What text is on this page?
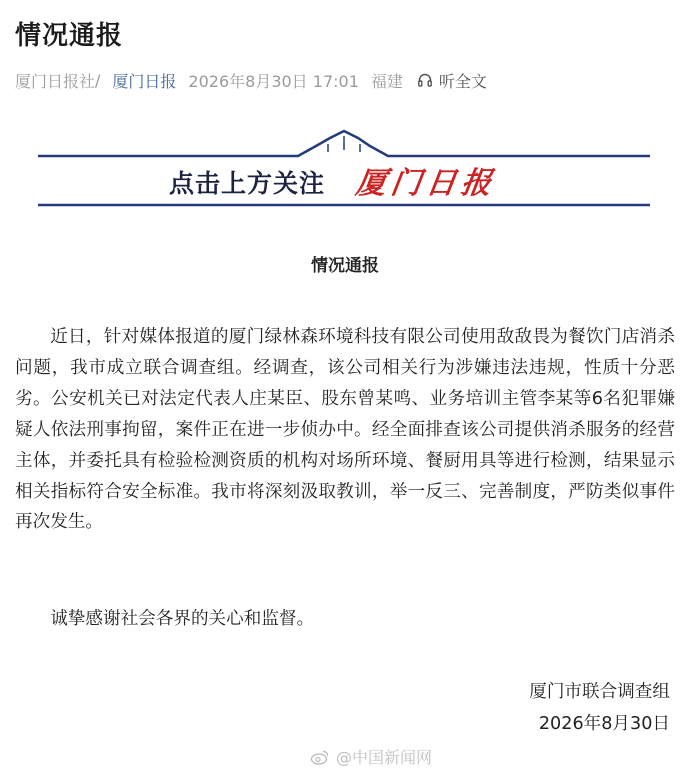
情况通报
厦门日报社 / 厦门日报 2026年8月30日 17:01 福建 听全文
点击上方关注 厦门日报
情况通报

近日，针对媒体报道的厦门绿林森环境科技有限公司使用敌敌畏为餐饮门店消杀问题，我市成立联合调查组。经调查，该公司相关行为涉嫌违法违规，性质十分恶劣。公安机关已对法定代表人庄某臣、股东曾某鸣、业务培训主管李某等6名犯罪嫌疑人依法刑事拘留，案件正在进一步侦办中。经全面排查该公司提供消杀服务的经营主体，并委托具有检验检测资质的机构对场所环境、餐厨用具等进行检测，结果显示相关指标符合安全标准。我市将深刻汲取教训，举一反三、完善制度，严防类似事件再次发生。

诚挚感谢社会各界的关心和监督。

厦门市联合调查组
2026年8月30日
@中国新闻网
